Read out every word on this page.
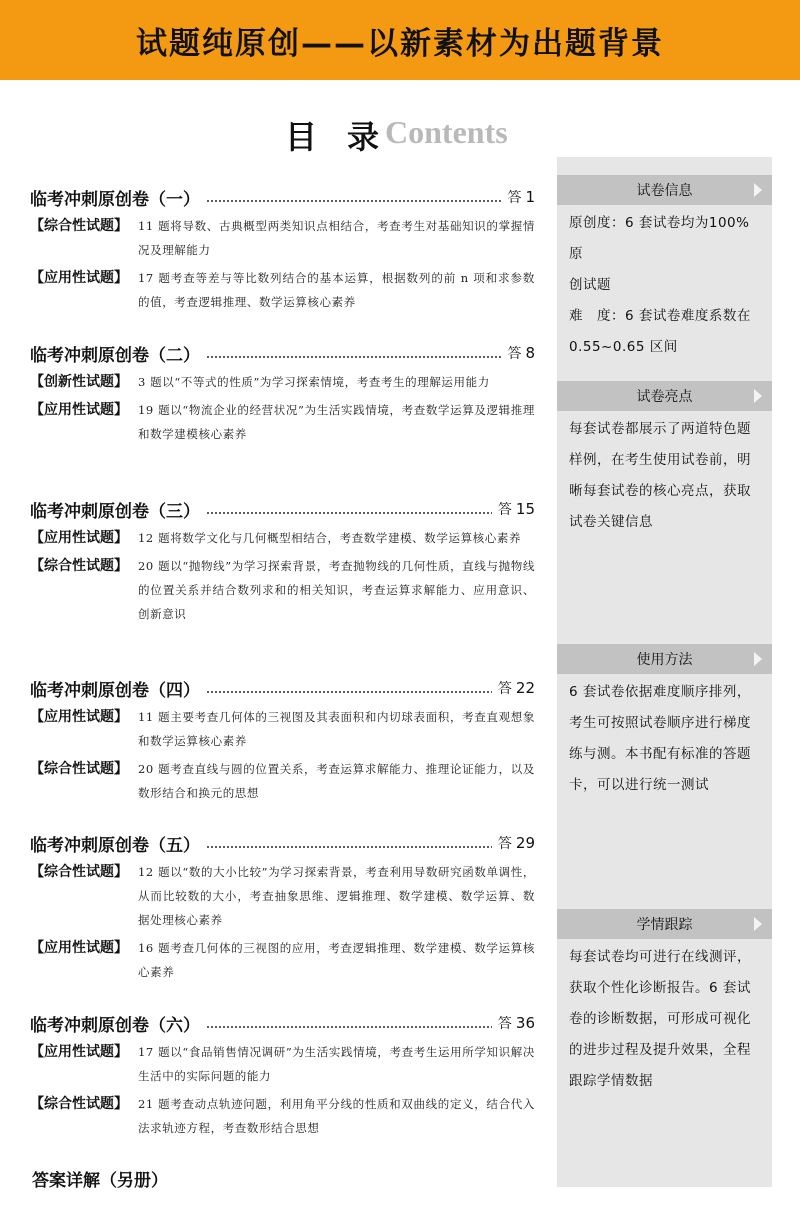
试题纯原创——以新素材为出题背景
目录
Contents
临考冲刺原创卷（一）	答 1
【综合性试题】 11 题将导数、古典概型两类知识点相结合，考查考生对基础知识的掌握情况及理解能力
【应用性试题】 17 题考查等差与等比数列结合的基本运算，根据数列的前 n 项和求参数的值，考查逻辑推理、数学运算核心素养
临考冲刺原创卷（二）	答 8
【创新性试题】 3 题以“不等式的性质”为学习探索情境，考查考生的理解运用能力
【应用性试题】 19 题以“物流企业的经营状况”为生活实践情境，考查数学运算及逻辑推理和数学建模核心素养
临考冲刺原创卷（三）	答 15
【应用性试题】 12 题将数学文化与几何概型相结合，考查数学建模、数学运算核心素养
【综合性试题】 20 题以“抛物线”为学习探索背景，考查抛物线的几何性质，直线与抛物线的位置关系并结合数列求和的相关知识，考查运算求解能力、应用意识、创新意识
临考冲刺原创卷（四）	答 22
【应用性试题】 11 题主要考查几何体的三视图及其表面积和内切球表面积，考查直观想象和数学运算核心素养
【综合性试题】 20 题考查直线与圆的位置关系，考查运算求解能力、推理论证能力，以及数形结合和换元的思想
临考冲刺原创卷（五）	答 29
【综合性试题】 12 题以“数的大小比较”为学习探索背景，考查利用导数研究函数单调性，从而比较数的大小，考查抽象思维、逻辑推理、数学建模、数学运算、数据处理核心素养
【应用性试题】 16 题考查几何体的三视图的应用，考查逻辑推理、数学建模、数学运算核心素养
临考冲刺原创卷（六）	答 36
【应用性试题】 17 题以“食品销售情况调研”为生活实践情境，考查考生运用所学知识解决生活中的实际问题的能力
【综合性试题】 21 题考查动点轨迹问题，利用角平分线的性质和双曲线的定义，结合代入法求轨迹方程，考查数形结合思想
答案详解（另册）
试卷信息
原创度：6 套试卷均为100%原
创试题
难　度：6 套试卷难度系数在
0.55~0.65 区间
试卷亮点
每套试卷都展示了两道特色题
样例，在考生使用试卷前，明
晰每套试卷的核心亮点，获取
试卷关键信息
使用方法
6 套试卷依据难度顺序排列，
考生可按照试卷顺序进行梯度
练与测。本书配有标准的答题
卡，可以进行统一测试
学情跟踪
每套试卷均可进行在线测评，
获取个性化诊断报告。6 套试
卷的诊断数据，可形成可视化
的进步过程及提升效果，全程
跟踪学情数据
